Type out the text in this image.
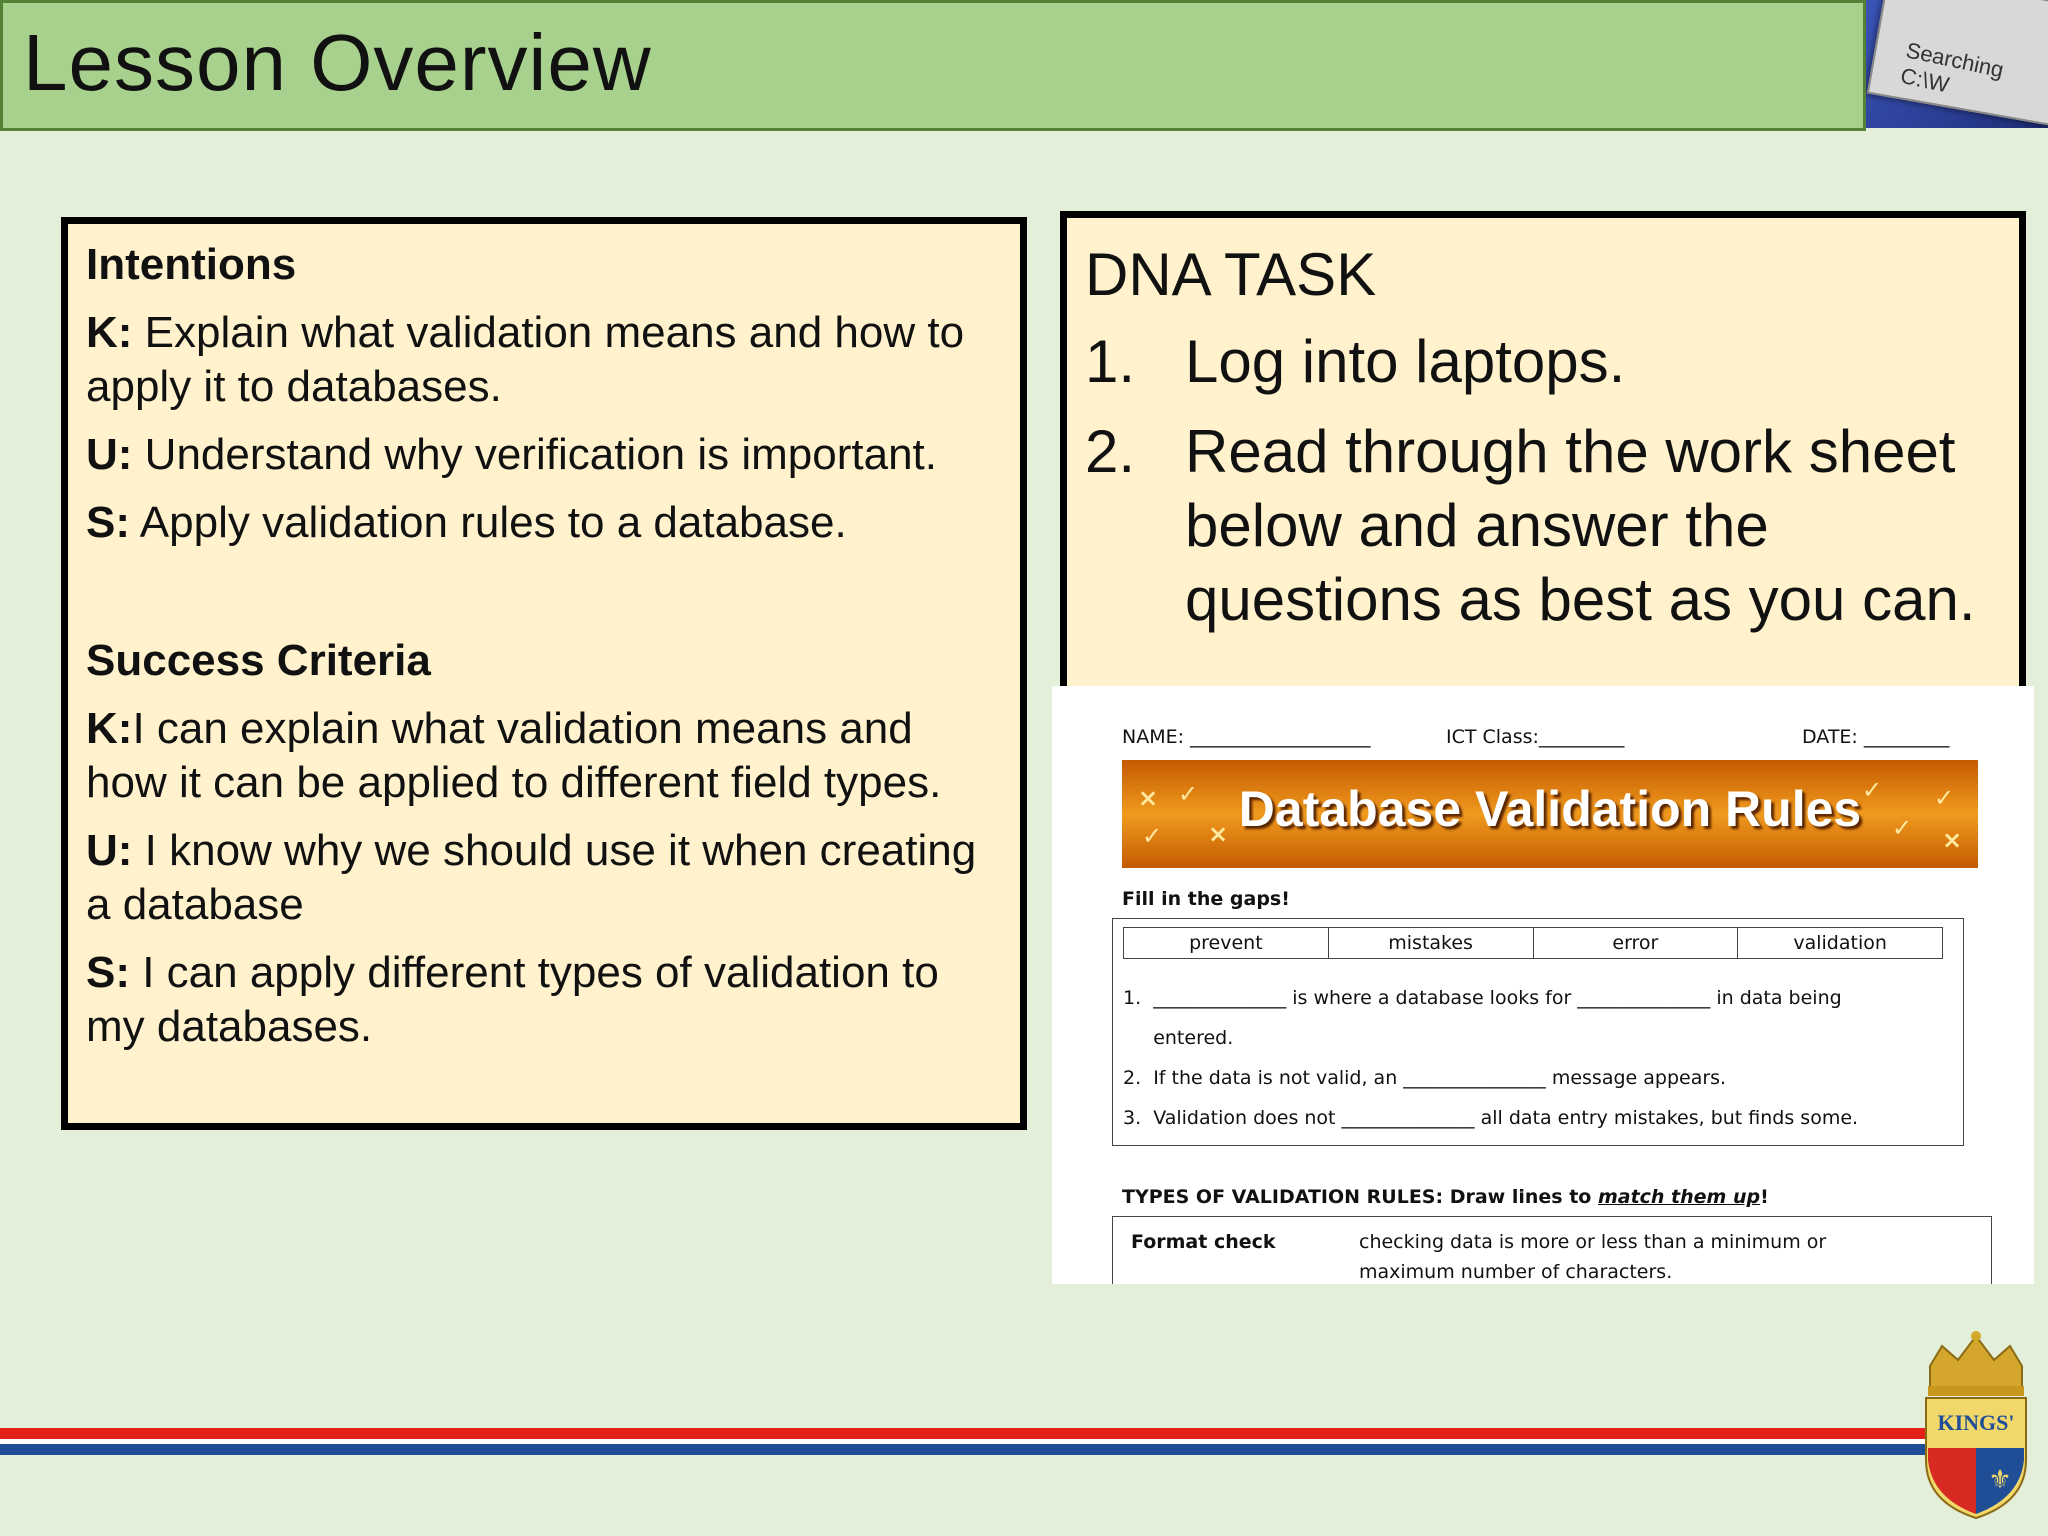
Lesson Overview	Searching C:\W

Intentions

K: Explain what validation means and how to apply it to databases.

U: Understand why verification is important.

S: Apply validation rules to a database.

Success Criteria

K:I can explain what validation means and how it can be applied to different field types.

U: I know why we should use it when creating a database

S: I can apply different types of validation to my databases.

DNA TASK
1. Log into laptops.
2. Read through the work sheet below and answer the questions as best as you can.
NAME: ___________________	ICT Class:_________	DATE: _________
× ✓
✓ ×
✓
✓
✓
×
Database Validation Rules
Fill in the gaps!
prevent	mistakes	error	validation
1.  ______________ is where a database looks for ______________ in data being
entered.
2.  If the data is not valid, an _______________ message appears.
3.  Validation does not ______________ all data entry mistakes, but finds some.
TYPES OF VALIDATION RULES: Draw lines to match them up!
Format check	checking data is more or less than a minimum or
maximum number of characters.
KINGS'
⚜
